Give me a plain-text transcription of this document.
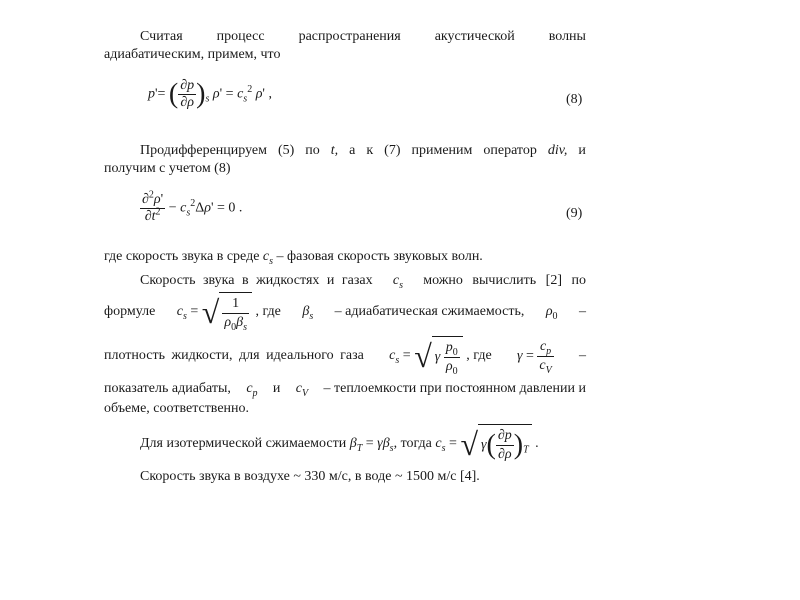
Считая процесс распространения акустической волны
адиабатическим, примем, что
p'= ( $\frac{\partial p}{\partial\rho} )_s$ $\rho' = c_s^2$ ρ' ,	(8)
Продифференцируем (5) по t, а к (7) применим оператор div, и
получим с учетом (8)
$\frac{\partial^2\rho'}{\partial t^2} - c_s^2\Delta\rho' = 0$ .	(9)
где скорость звука в среде $c_s$ – фазовая скорость звуковых волн.
Скорость звука в жидкостях и газах $c_s$ можно вычислить [2] по
формуле $c_s$ = √ $\frac{1}{\rho_0\beta_s}$ , где $\beta_s$ – адиабатическая сжимаемость, $\rho_0$ –
плотность жидкости, для идеального газа $c_s$ = √ γ $\frac{p_0}{\rho_0}$ , где $\gamma = \frac{c_p}{c_V}$ –
показатель адиабаты, $c_p$ и $c_V$ – теплоемкости при постоянном давлении и
объеме, соответственно.
Для изотермической сжимаемости
$\beta_T = \gamma\beta_s$ , тогда
$c_s$ = √ $\gamma( \frac{\partial p}{\partial\rho} )_T$ .
Скорость звука в воздухе ~ 330 м/с, в воде ~ 1500 м/с [4].
